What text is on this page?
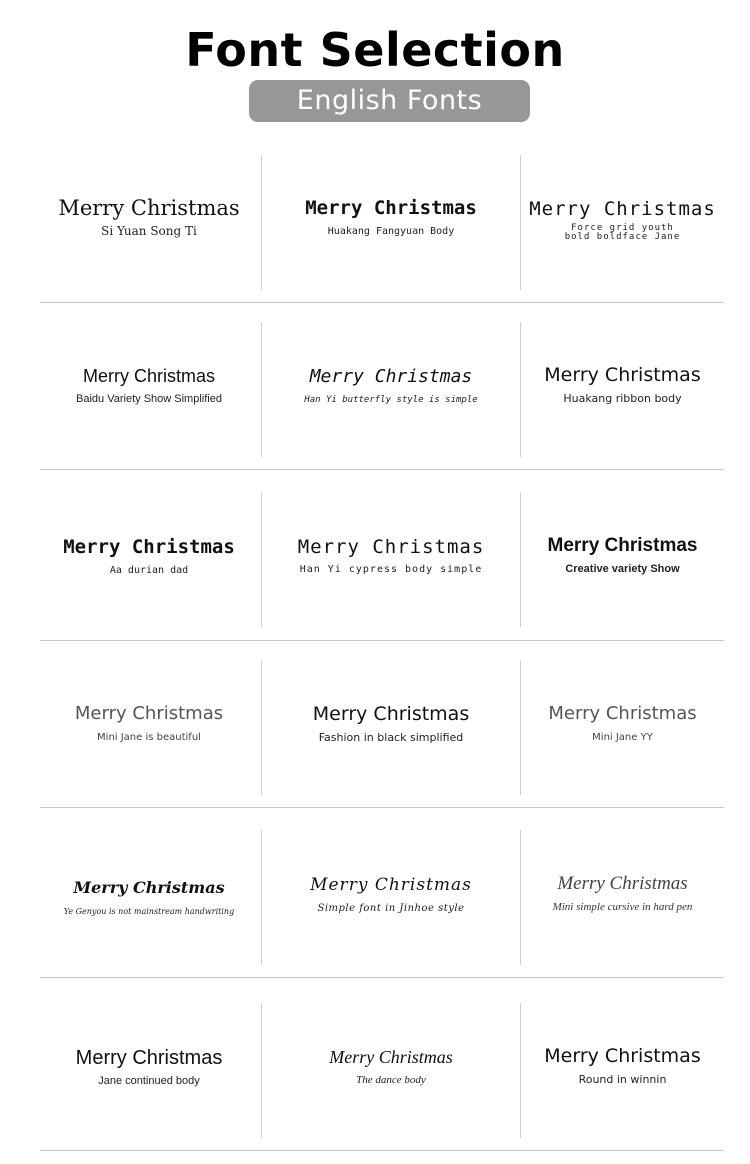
Font Selection
English Fonts
Merry Christmas
Si Yuan Song Ti
Merry Christmas
Huakang Fangyuan Body
Merry Christmas
Force grid youth bold boldface Jane
Merry Christmas
Baidu Variety Show Simplified
Merry Christmas
Han Yi butterfly style is simple
Merry Christmas
Huakang ribbon body
Merry Christmas
Aa durian dad
Merry Christmas
Han Yi cypress body simple
Merry Christmas
Creative variety Show
Merry Christmas
Mini Jane is beautiful
Merry Christmas
Fashion in black simplified
Merry Christmas
Mini Jane YY
Merry Christmas
Ye Genyou is not mainstream handwriting
Merry Christmas
Simple font in Jinhoe style
Merry Christmas
Mini simple cursive in hard pen
Merry Christmas
Jane continued body
Merry Christmas
The dance body
Merry Christmas
Round in winnin
